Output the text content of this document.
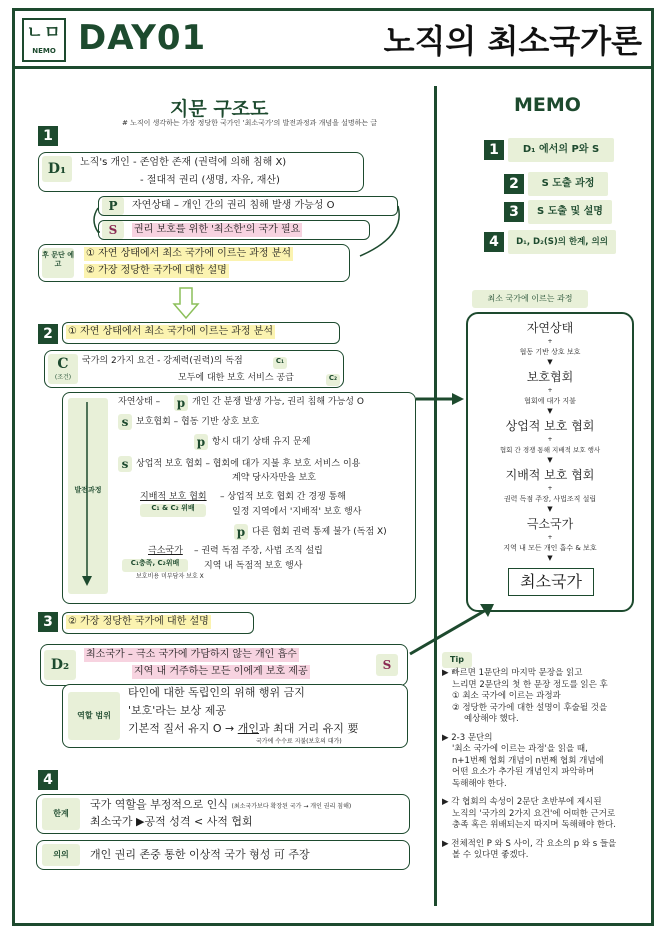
ㄴㅁ
NEMO DAY01	노직의 최소국가론
지문 구조도
# 노직이 생각하는 가장 정당한 국가인 '최소국가'의 발전과정과 개념을 설명하는 글
1
D₁	노직's 개인 - 존엄한 존재 (권력에 의해 침해 X)
- 절대적 권리 (생명, 자유, 재산)
P	자연상태 – 개인 간의 권리 침해 발생 가능성 O
S	권리 보호를 위한 '최소한'의 국가 필요
후 문단 예고
① 자연 상태에서 최소 국가에 이르는 과정 분석
② 가장 정당한 국가에 대한 설명
2	① 자연 상태에서 최소 국가에 이르는 과정 분석
C
(조건)
국가의 2가지 요건 - 강제력(권력)의 독점	C₁
모두에 대한 보호 서비스 공급	C₂
발전과정
자연상태 – p 개인 간 분쟁 발생 가능, 권리 침해 가능성 O
s 보호협회 – 협동 기반 상호 보호
p 항시 대기 상태 유지 문제
s 상업적 보호 협회 – 협회에 대가 지불 후 보호 서비스 이용
계약 당사자만을 보호
지배적 보호 협회 – 상업적 보호 협회 간 경쟁 통해
일정 지역에서 '지배적' 보호 행사
C₁ & C₂ 위배
p 다른 협회 권력 통제 불가 (독점 X)
극소국가 – 권력 독점 주장, 사법 조직 설립
지역 내 독점적 보호 행사
C₁충족, C₂위배
보호비용 미부담자 보호 X
3	② 가장 정당한 국가에 대한 설명
D₂
최소국가 – 극소 국가에 가담하지 않는 개인 흡수
지역 내 거주하는 모든 이에게 보호 제공	S
역할 범위
타인에 대한 독립인의 위해 행위 금지
'보호'라는 보상 제공
기본적 질서 유지 O → 개인과 최대 거리 유지 要
국가에 수수료 지불(보호의 대가)
4
한계
국가 역할을 부정적으로 인식 (최소국가보다 확장된 국가 → 개인 권리 침해)
최소국가 ▶공적 성격 < 사적 협회
의의	개인 권리 존중 통한 이상적 국가 형성 可 주장
MEMO
1	D₁ 에서의 P와 S
2	S 도출 과정
3	S 도출 및 설명
4	D₁, D₂(S)의 한계, 의의
최소 국가에 이르는 과정
자연상태
+
협동 기반 상호 보호
▼
보호협회
+
협회에 대가 지불
▼
상업적 보호 협회
+
협회 간 경쟁 통해 지배적 보호 행사
▼
지배적 보호 협회
+
권력 독점 주장, 사법조직 설립
▼
극소국가
+
지역 내 모든 개인 흡수 & 보호
▼
최소국가
Tip

▶ 빠르면 1문단의 마지막 문장을 읽고

느리면 2문단의 첫 한 문장 정도를 읽은 후

① 최소 국가에 이르는 과정과

② 정당한 국가에 대한 설명이 후술될 것을

예상해야 했다.

▶ 2-3 문단의

'최소 국가에 이르는 과정'을 읽을 때,

n+1번째 협회 개념이 n번째 협회 개념에

어떤 요소가 추가된 개념인지 파악하며

독해해야 한다.

▶ 각 협회의 속성이 2문단 초반부에 제시된

노직의 '국가의 2가지 요건'에 어떠한 근거로

충족 혹은 위배되는지 따지며 독해해야 한다.

▶ 전체적인 P 와 S 사이, 각 요소의 p 와 s 들을

볼 수 있다면 좋겠다.
